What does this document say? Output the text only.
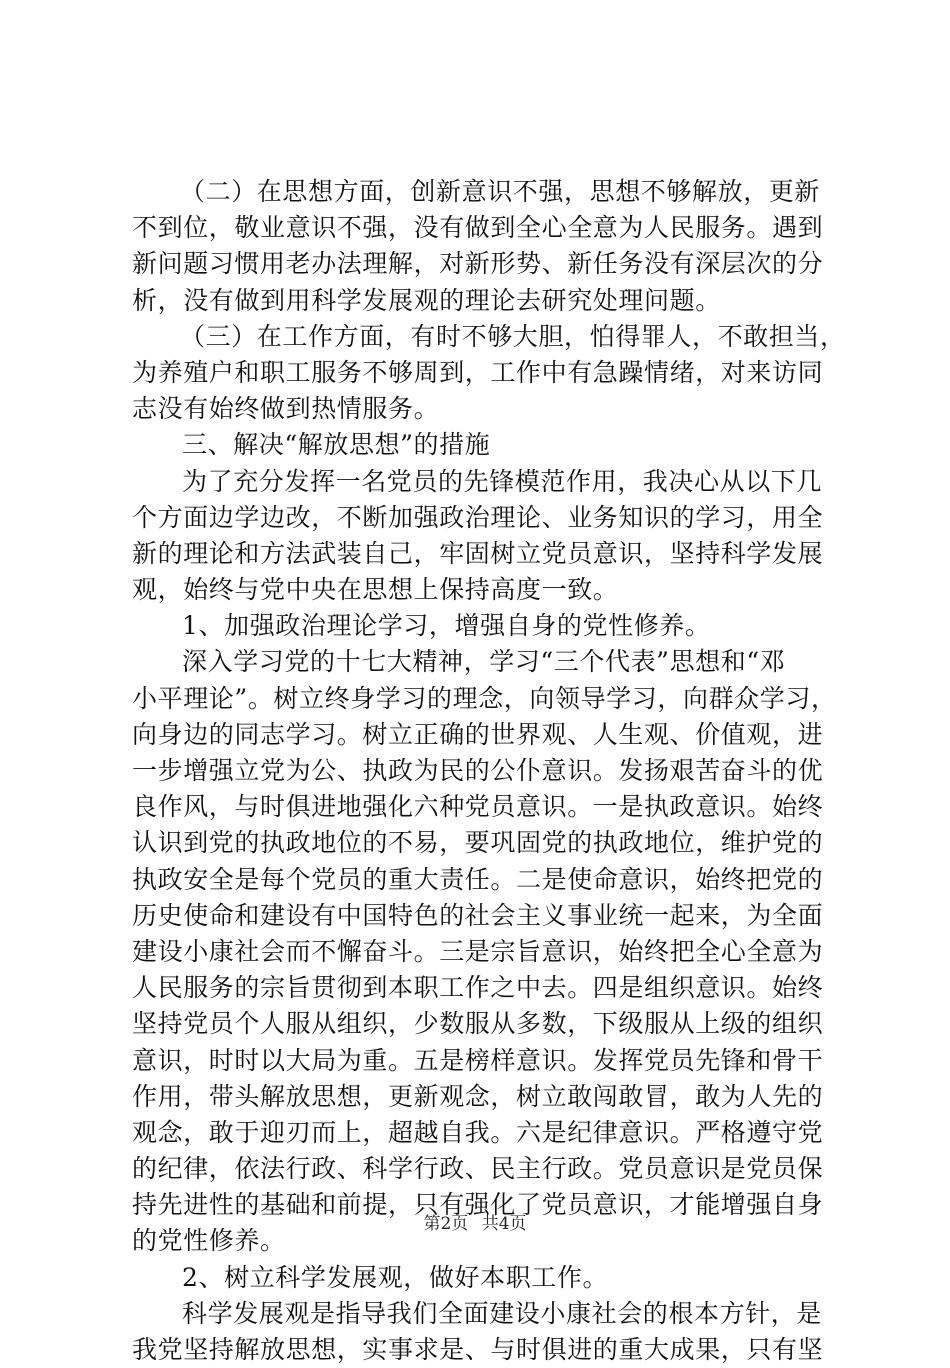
（二）在思想方面，创新意识不强，思想不够解放，更新
不到位，敬业意识不强，没有做到全心全意为人民服务。遇到
新问题习惯用老办法理解，对新形势、新任务没有深层次的分
析，没有做到用科学发展观的理论去研究处理问题。
（三）在工作方面，有时不够大胆，怕得罪人，不敢担当，
为养殖户和职工服务不够周到，工作中有急躁情绪，对来访同
志没有始终做到热情服务。
三、解决“解放思想”的措施
为了充分发挥一名党员的先锋模范作用，我决心从以下几
个方面边学边改，不断加强政治理论、业务知识的学习，用全
新的理论和方法武装自己，牢固树立党员意识，坚持科学发展
观，始终与党中央在思想上保持高度一致。
1、加强政治理论学习，增强自身的党性修养。
深入学习党的十七大精神，学习“三个代表”思想和“邓
小平理论”。树立终身学习的理念，向领导学习，向群众学习，
向身边的同志学习。树立正确的世界观、人生观、价值观，进
一步增强立党为公、执政为民的公仆意识。发扬艰苦奋斗的优
良作风，与时俱进地强化六种党员意识。一是执政意识。始终
认识到党的执政地位的不易，要巩固党的执政地位，维护党的
执政安全是每个党员的重大责任。二是使命意识，始终把党的
历史使命和建设有中国特色的社会主义事业统一起来，为全面
建设小康社会而不懈奋斗。三是宗旨意识，始终把全心全意为
人民服务的宗旨贯彻到本职工作之中去。四是组织意识。始终
坚持党员个人服从组织，少数服从多数，下级服从上级的组织
意识，时时以大局为重。五是榜样意识。发挥党员先锋和骨干
作用，带头解放思想，更新观念，树立敢闯敢冒，敢为人先的
观念，敢于迎刃而上，超越自我。六是纪律意识。严格遵守党
的纪律，依法行政、科学行政、民主行政。党员意识是党员保
持先进性的基础和前提，只有强化了党员意识，才能增强自身
的党性修养。
2、树立科学发展观，做好本职工作。
科学发展观是指导我们全面建设小康社会的根本方针，是
我党坚持解放思想，实事求是、与时俱进的重大成果，只有坚
第2页 共4页
